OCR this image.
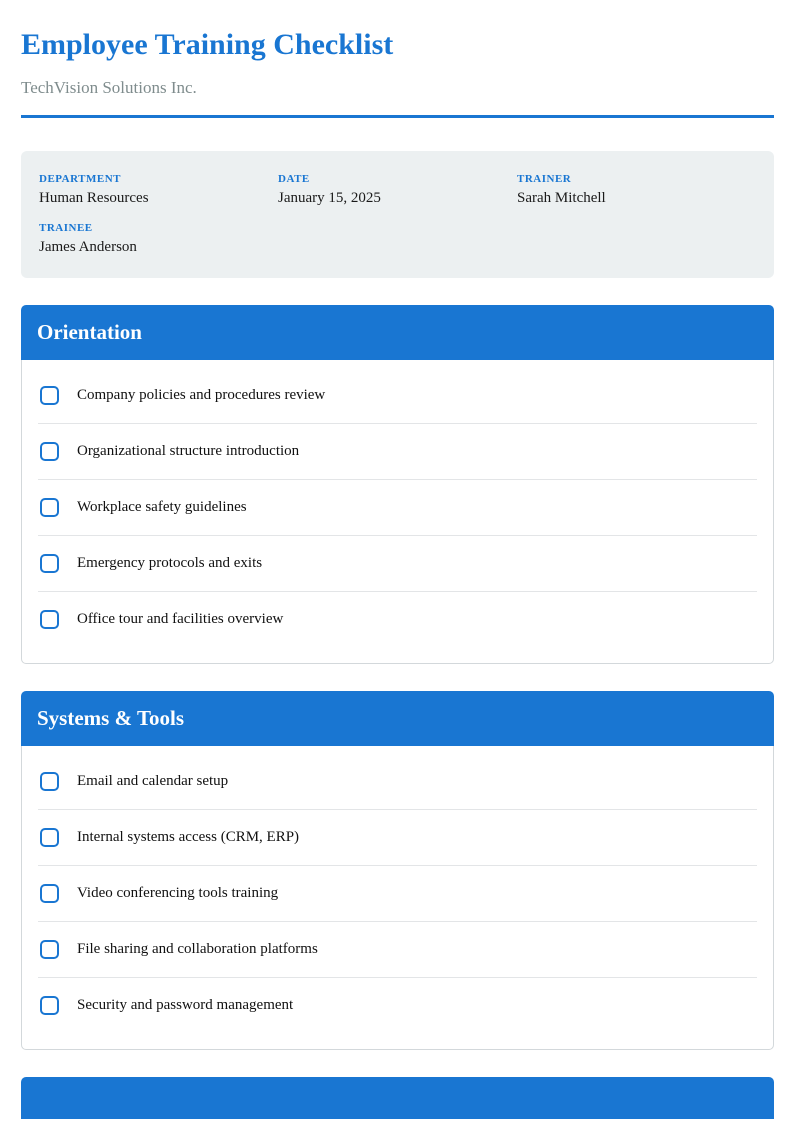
Employee Training Checklist
TechVision Solutions Inc.
DEPARTMENT
Human Resources
DATE
January 15, 2025
TRAINER
Sarah Mitchell
TRAINEE
James Anderson
Orientation
Company policies and procedures review
Organizational structure introduction
Workplace safety guidelines
Emergency protocols and exits
Office tour and facilities overview
Systems & Tools
Email and calendar setup
Internal systems access (CRM, ERP)
Video conferencing tools training
File sharing and collaboration platforms
Security and password management
